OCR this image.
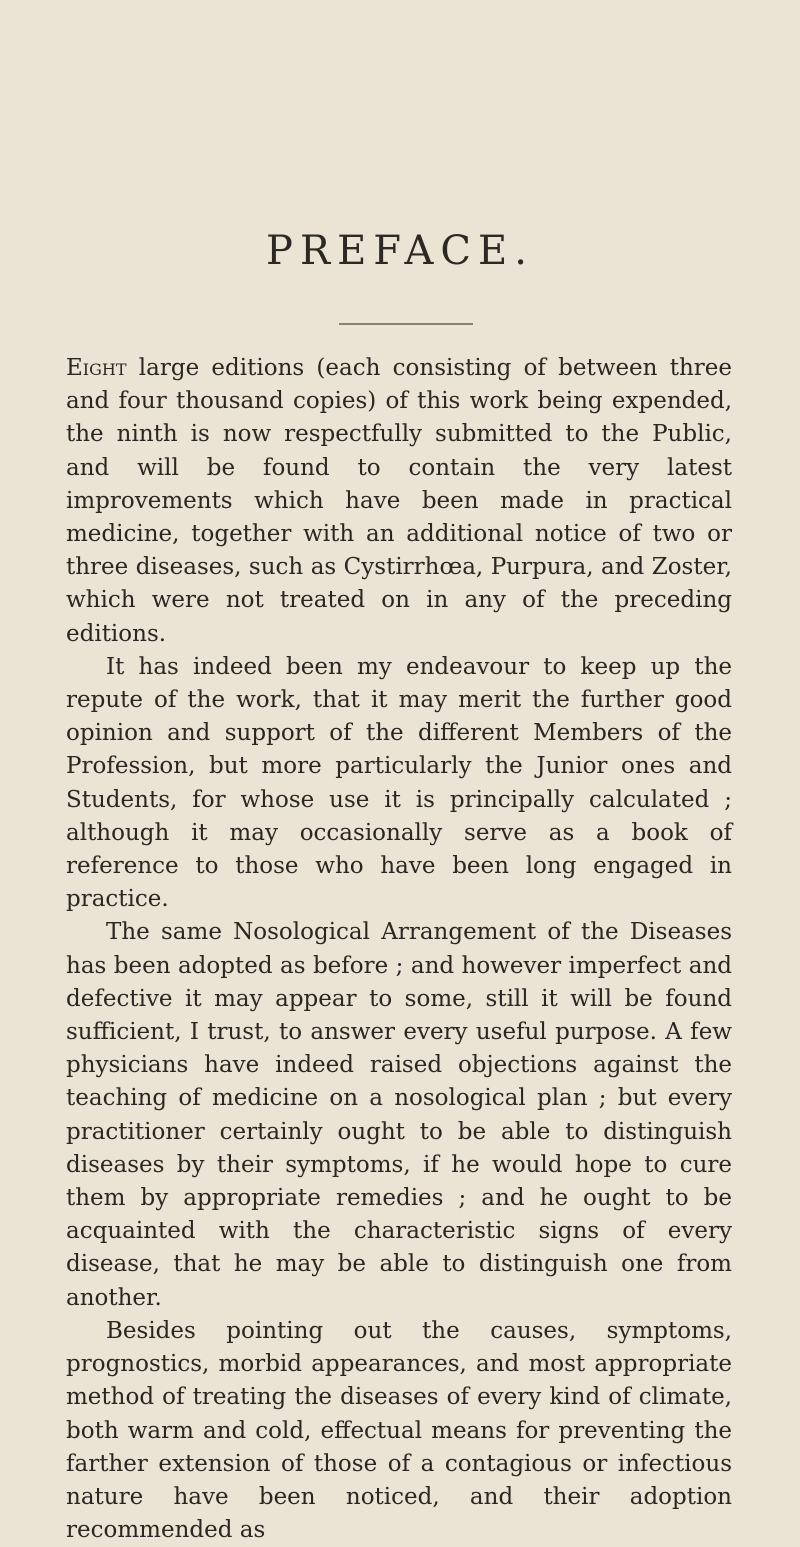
PREFACE.

Eight large editions (each consisting of between three and four thousand copies) of this work being expended, the ninth is now respectfully submitted to the Public, and will be found to contain the very latest improvements which have been made in practical medicine, together with an additional notice of two or three diseases, such as Cystirrhœa, Purpura, and Zoster, which were not treated on in any of the preceding editions.

It has indeed been my endeavour to keep up the repute of the work, that it may merit the further good opinion and support of the different Members of the Profession, but more particularly the Junior ones and Students, for whose use it is principally calculated ; although it may occasionally serve as a book of reference to those who have been long engaged in practice.

The same Nosological Arrangement of the Diseases has been adopted as before ; and however imperfect and defective it may appear to some, still it will be found sufficient, I trust, to answer every useful purpose. A few physicians have indeed raised objections against the teaching of medicine on a nosological plan ; but every practitioner certainly ought to be able to distinguish diseases by their symptoms, if he would hope to cure them by appropriate remedies ; and he ought to be acquainted with the characteristic signs of every disease, that he may be able to distinguish one from another.

Besides pointing out the causes, symptoms, prognostics, morbid appearances, and most appropriate method of treating the diseases of every kind of climate, both warm and cold, effectual means for preventing the farther extension of those of a contagious or infectious nature have been noticed, and their adoption recommended as
